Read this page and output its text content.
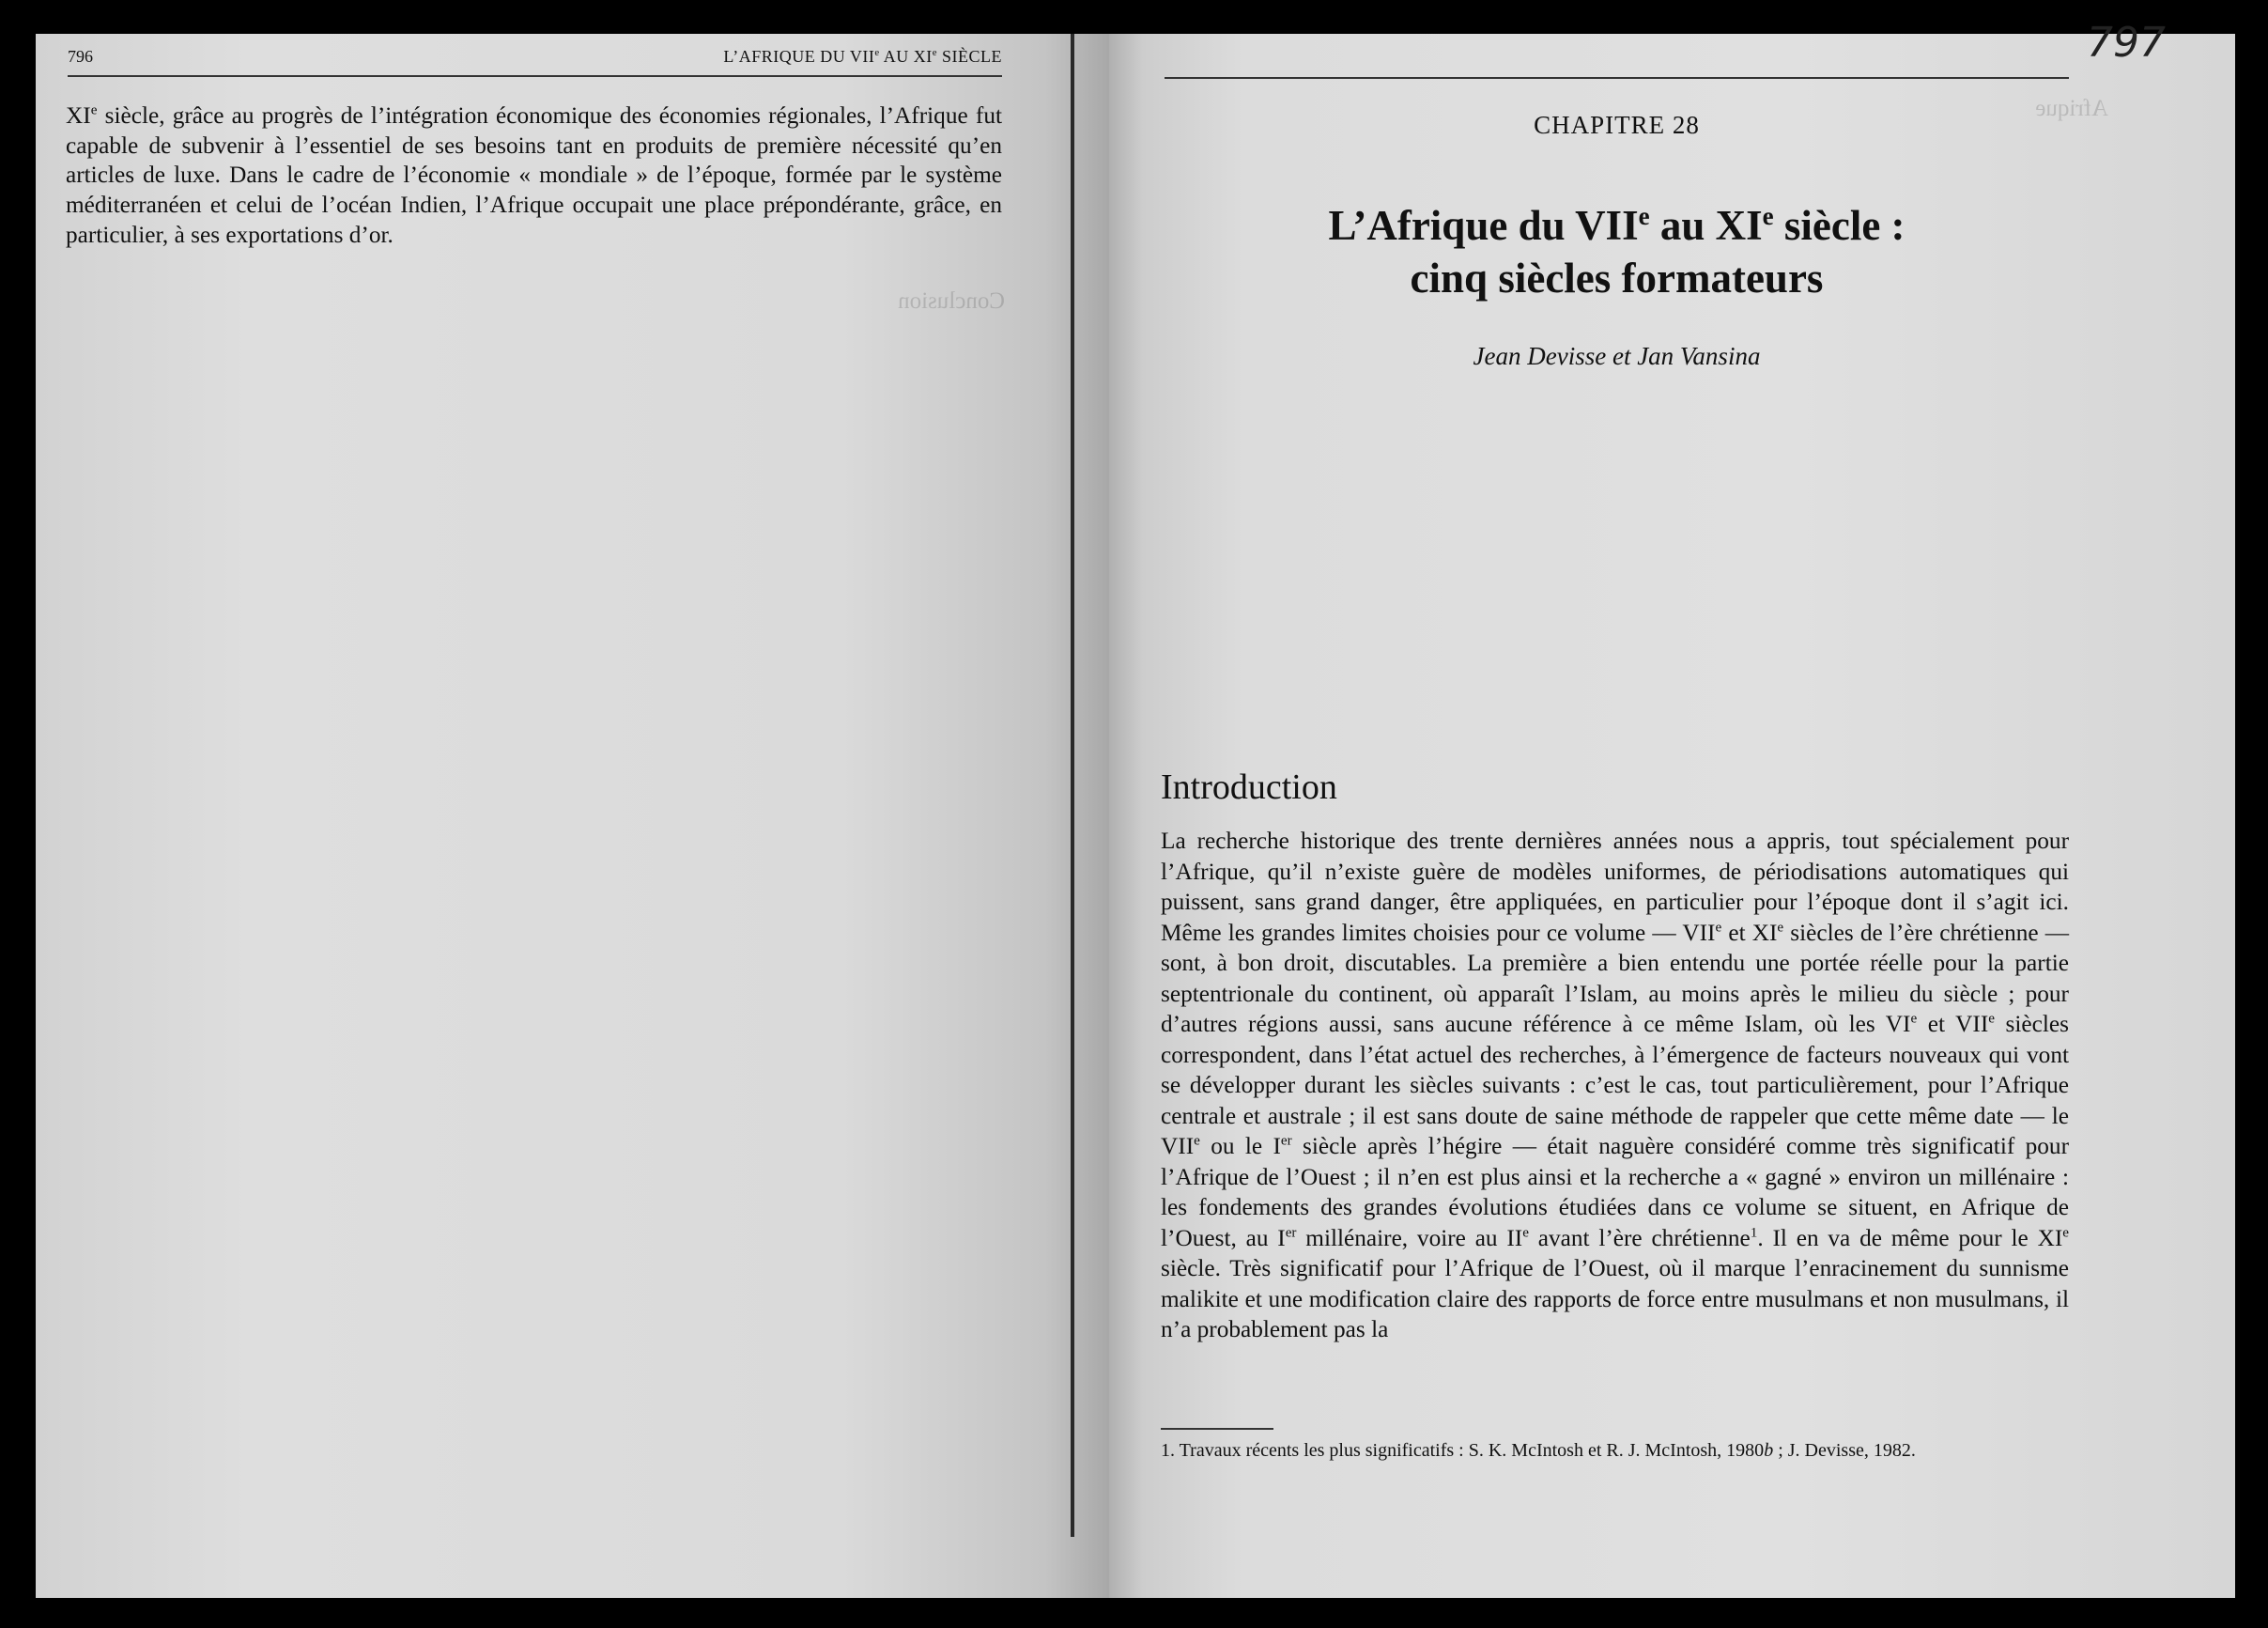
796	L’AFRIQUE DU VIIe AU XIe SIÈCLE

XIe siècle, grâce au progrès de l’intégration économique des économies régionales, l’Afrique fut capable de subvenir à l’essentiel de ses besoins tant en produits de première nécessité qu’en articles de luxe. Dans le cadre de l’économie « mondiale » de l’époque, formée par le système méditerranéen et celui de l’océan Indien, l’Afrique occupait une place prépondérante, grâce, en particulier, à ses exportations d’or.

797
CHAPITRE 28
L’Afrique du VIIe au XIe siècle :
cinq siècles formateurs
Jean Devisse et Jan Vansina
Introduction

La recherche historique des trente dernières années nous a appris, tout spécialement pour l’Afrique, qu’il n’existe guère de modèles uniformes, de périodisations automatiques qui puissent, sans grand danger, être appliquées, en particulier pour l’époque dont il s’agit ici. Même les grandes limites choisies pour ce volume — VIIe et XIe siècles de l’ère chrétienne — sont, à bon droit, discutables. La première a bien entendu une portée réelle pour la partie septentrionale du continent, où apparaît l’Islam, au moins après le milieu du siècle ; pour d’autres régions aussi, sans aucune référence à ce même Islam, où les VIe et VIIe siècles correspondent, dans l’état actuel des recherches, à l’émergence de facteurs nouveaux qui vont se développer durant les siècles suivants : c’est le cas, tout particulièrement, pour l’Afrique centrale et australe ; il est sans doute de saine méthode de rappeler que cette même date — le VIIe ou le Ier siècle après l’hégire — était naguère considéré comme très significatif pour l’Afrique de l’Ouest ; il n’en est plus ainsi et la recherche a « gagné » environ un millénaire : les fondements des grandes évolutions étudiées dans ce volume se situent, en Afrique de l’Ouest, au Ier millénaire, voire au IIe avant l’ère chrétienne$^1$. Il en va de même pour le XIe siècle. Très significatif pour l’Afrique de l’Ouest, où il marque l’enracinement du sunnisme malikite et une modification claire des rapports de force entre musulmans et non musulmans, il n’a probablement pas la

1. Travaux récents les plus significatifs : S. K. McIntosh et R. J. McIntosh, 1980b ; J. Devisse, 1982.
